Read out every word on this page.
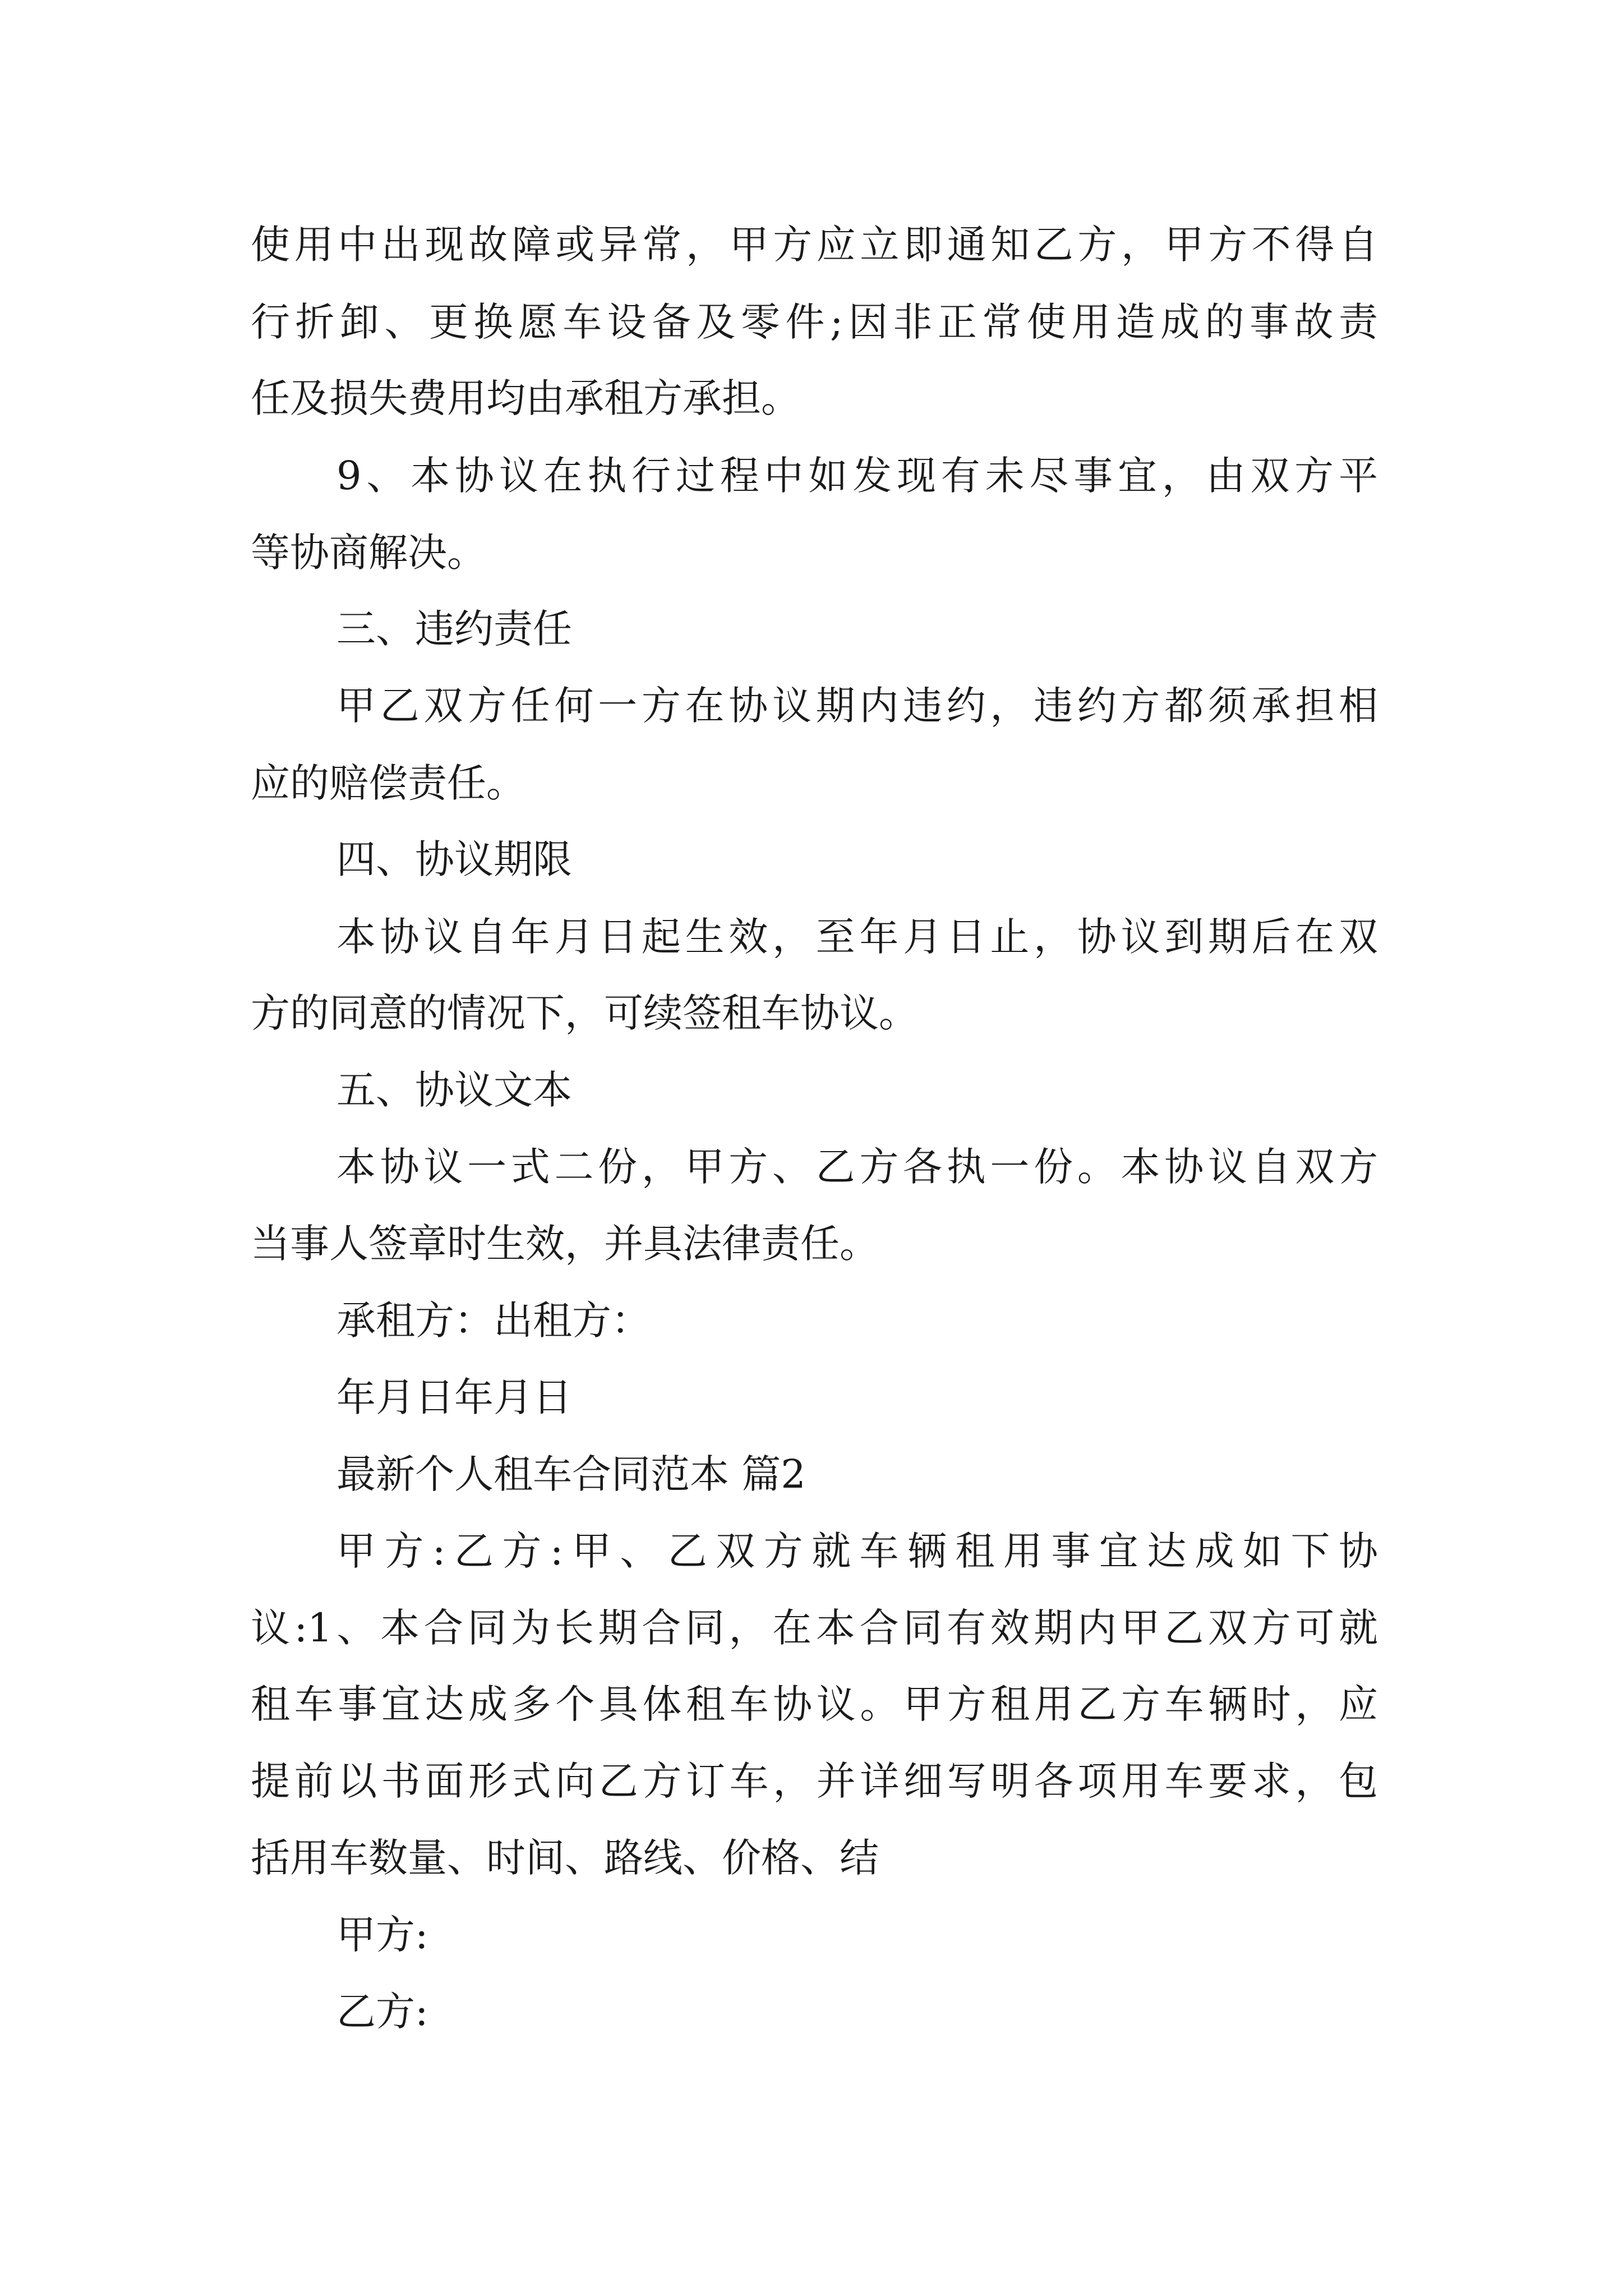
使用中出现故障或异常，甲方应立即通知乙方，甲方不得自
行折卸、更换愿车设备及零件;因非正常使用造成的事故责
任及损失费用均由承租方承担。
9、本协议在执行过程中如发现有未尽事宜，由双方平
等协商解决。
三、违约责任
甲乙双方任何一方在协议期内违约，违约方都须承担相
应的赔偿责任。
四、协议期限
本协议自年月日起生效，至年月日止，协议到期后在双
方的同意的情况下，可续签租车协议。
五、协议文本
本协议一式二份，甲方、乙方各执一份。本协议自双方
当事人签章时生效，并具法律责任。
承租方：出租方：
年月日年月日
最新个人租车合同范本 篇2
甲方:乙方:甲、乙双方就车辆租用事宜达成如下协
议:1、本合同为长期合同，在本合同有效期内甲乙双方可就
租车事宜达成多个具体租车协议。甲方租用乙方车辆时，应
提前以书面形式向乙方订车，并详细写明各项用车要求，包
括用车数量、时间、路线、价格、结
甲方:
乙方:
